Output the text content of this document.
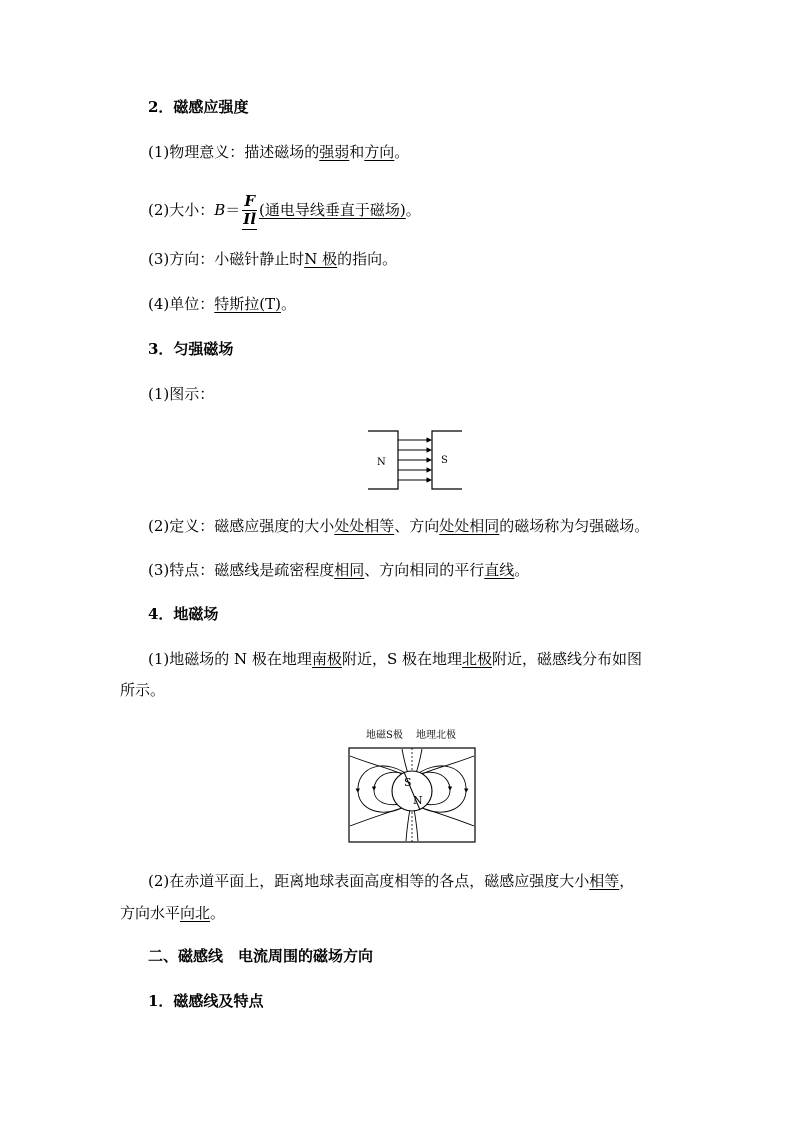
2．磁感应强度
(1)物理意义：描述磁场的强弱和方向。
(2)大小：$B= \frac{F}{Il}$ (通电导线垂直于磁场)。
(3)方向：小磁针静止时N 极的指向。
(4)单位：特斯拉(T)。
3．匀强磁场
(1)图示：
N	S
(2)定义：磁感应强度的大小处处相等、方向处处相同的磁场称为匀强磁场。
(3)特点：磁感线是疏密程度相同、方向相同的平行直线。
4．地磁场
(1)地磁场的 N 极在地理南极附近，S 极在地理北极附近，磁感线分布如图
所示。
地磁S极 地理北极
S
N
(2)在赤道平面上，距离地球表面高度相等的各点，磁感应强度大小相等，
方向水平向北。
二、磁感线　电流周围的磁场方向
1．磁感线及特点
